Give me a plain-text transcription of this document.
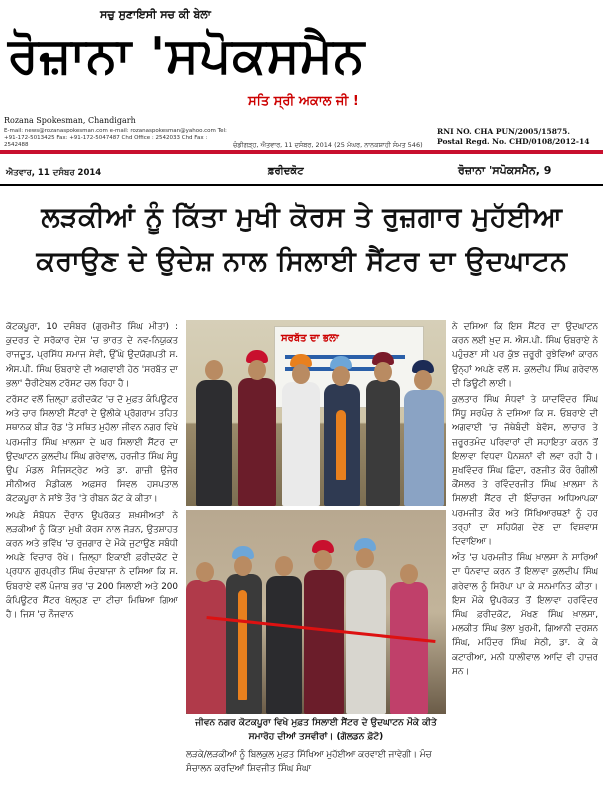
ਸਚੁ ਸੁਣਾਇਸੀ ਸਚ ਕੀ ਬੇਲਾ
ਰੋਜ਼ਾਨਾ 'ਸਪੋਕਸਮੈਨ
ਸਤਿ ਸ੍ਰੀ ਅਕਾਲ ਜੀ !
Rozana Spokesman, Chandigarh
E-mail: news@rozanaspokesman.com e-mail: rozanaspokesman@yahoo.com Tel: +91-172-5013425 Fax: +91-172-5047487 Chd Office : 2542033 Chd Fax : 2542488	ਚੰਡੀਗੜ੍ਹ, ਐਤਵਾਰ, 11 ਦਸੰਬਰ, 2014 (25 ਮੱਘਰ, ਨਾਨਕਸ਼ਾਹੀ ਸੰਮਤ 546)
RNI NO. CHA PUN/2005/15875.
Postal Regd. No. CHD/0108/2012-14
ਐਤਵਾਰ, 11 ਦਸੰਬਰ 2014	ਫ਼ਰੀਦਕੋਟ	ਰੋਜ਼ਾਨਾ 'ਸਪੋਕਸਮੈਨ, 9
ਲੜਕੀਆਂ ਨੂੰ ਕਿੱਤਾ ਮੁਖੀ ਕੋਰਸ ਤੇ ਰੁਜ਼ਗਾਰ ਮੁਹੱਈਆ
ਕਰਾਉਣ ਦੇ ਉਦੇਸ਼ ਨਾਲ ਸਿਲਾਈ ਸੈਂਟਰ ਦਾ ਉਦਘਾਟਨ

ਕੋਟਕਪੂਰਾ, 10 ਦਸੰਬਰ (ਗੁਰਮੀਤ ਸਿੰਘ ਮੀਤਾ) : ਕੁਦਰਤ ਦੇ ਸਰੋਕਾਰ ਦੇਸ਼ 'ਚ ਭਾਰਤ ਦੇ ਨਵ-ਨਿਯੁਕਤ ਰਾਜਦੂਤ, ਪ੍ਰਸਿੱਧ ਸਮਾਜ ਸੇਵੀ, ਉੱਘੇ ਉਦਯੋਗਪਤੀ ਸ. ਐਸ.ਪੀ. ਸਿੰਘ ਓਬਰਾਏ ਦੀ ਅਗਵਾਈ ਹੇਠ 'ਸਰਬੱਤ ਦਾ ਭਲਾ' ਚੈਰੀਟੇਬਲ ਟਰੱਸਟ ਚਲ ਰਿਹਾ ਹੈ।

ਟਰੱਸਟ ਵਲੋਂ ਜ਼ਿਲ੍ਹਾ ਫ਼ਰੀਦਕੋਟ 'ਚ ਦੋ ਮੁਫ਼ਤ ਕੰਪਿਊਟਰ ਅਤੇ ਚਾਰ ਸਿਲਾਈ ਸੈਂਟਰਾਂ ਦੇ ਉਲੀਕੇ ਪ੍ਰੋਗਰਾਮ ਤਹਿਤ ਸਥਾਨਕ ਬੀੜ ਰੋਡ 'ਤੇ ਸਥਿਤ ਮੁਹੱਲਾ ਜੀਵਨ ਨਗਰ ਵਿਖੇ ਪਰਮਜੀਤ ਸਿੰਘ ਖ਼ਾਲਸਾ ਦੇ ਘਰ ਸਿਲਾਈ ਸੈਂਟਰ ਦਾ ਉਦਘਾਟਨ ਕੁਲਦੀਪ ਸਿੰਘ ਗਰੇਵਾਲ, ਹਰਜੀਤ ਸਿੰਘ ਸੰਧੂ ਉਪ ਮੰਡਲ ਮੈਜਿਸਟ੍ਰੇਟ ਅਤੇ ਡਾ. ਗਾਜ਼ੀ ਉਜੇਰ ਸੀਨੀਅਰ ਮੈਡੀਕਲ ਅਫ਼ਸਰ ਸਿਵਲ ਹਸਪਤਾਲ ਕੋਟਕਪੂਰਾ ਨੇ ਸਾਂਝੇ ਤੌਰ 'ਤੇ ਰੀਬਨ ਕੱਟ ਕੇ ਕੀਤਾ।

ਅਪਣੇ ਸੰਬੋਧਨ ਦੌਰਾਨ ਉਪਰੋਕਤ ਸ਼ਖ਼ਸੀਅਤਾਂ ਨੇ ਲੜਕੀਆਂ ਨੂੰ ਕਿੱਤਾ ਮੁਖੀ ਕੋਰਸ ਨਾਲ ਜੋੜਨ, ਉਤਸ਼ਾਹਤ ਕਰਨ ਅਤੇ ਭਵਿੱਖ 'ਚ ਰੁਜ਼ਗਾਰ ਦੇ ਮੌਕੇ ਜੁਟਾਉਣ ਸਬੰਧੀ ਅਪਣੇ ਵਿਚਾਰ ਰੱਖੇ। ਜ਼ਿਲ੍ਹਾ ਇਕਾਈ ਫ਼ਰੀਦਕੋਟ ਦੇ ਪ੍ਰਧਾਨ ਗੁਰਪ੍ਰੀਤ ਸਿੰਘ ਚੰਦਬਾਜਾ ਨੇ ਦਸਿਆ ਕਿ ਸ. ਓਬਰਾਏ ਵਲੋਂ ਪੰਜਾਬ ਭਰ 'ਚ 200 ਸਿਲਾਈ ਅਤੇ 200 ਕੰਪਿਊਟਰ ਸੈਂਟਰ ਖੋਲ੍ਹਣ ਦਾ ਟੀਚਾ ਮਿਥਿਆ ਗਿਆ ਹੈ। ਜਿਸ 'ਚ ਨੌਜਵਾਨ

ਸਰਬੱਤ ਦਾ ਭਲਾ
ਜੀਵਨ ਨਗਰ ਕੋਟਕਪੂਰਾ ਵਿਖੇ ਮੁਫ਼ਤ ਸਿਲਾਈ ਸੈਂਟਰ ਦੇ ਉਦਘਾਟਨ ਮੌਕੇ ਕੀਤੇ ਸਮਾਰੋਹ ਦੀਆਂ ਤਸਵੀਰਾਂ। (ਗੋਲਡਨ ਫ਼ੋਟੋ)
ਲੜਕੇ/ਲੜਕੀਆਂ ਨੂੰ ਬਿਲਕੁਲ ਮੁਫ਼ਤ ਸਿੱਖਿਆ ਮੁਹੱਈਆ ਕਰਵਾਈ ਜਾਵੇਗੀ। ਮੰਚ ਸੰਚਾਲਨ ਕਰਦਿਆਂ ਸ਼ਿਵਜੀਤ ਸਿੰਘ ਸੰਘਾ

ਨੇ ਦਸਿਆ ਕਿ ਇਸ ਸੈਂਟਰ ਦਾ ਉਦਘਾਟਨ ਕਰਨ ਲਈ ਖ਼ੁਦ ਸ. ਐਸ.ਪੀ. ਸਿੰਘ ਓਬਰਾਏ ਨੇ ਪਹੁੰਚਣਾ ਸੀ ਪਰ ਕੁੱਝ ਜ਼ਰੂਰੀ ਰੁਝੇਵਿਆਂ ਕਾਰਨ ਉਨ੍ਹਾਂ ਅਪਣੇ ਵਲੋਂ ਸ. ਕੁਲਦੀਪ ਸਿੰਘ ਗਰੇਵਾਲ ਦੀ ਡਿਊਟੀ ਲਾਈ।

ਕੁਲਤਾਰ ਸਿੰਘ ਸੰਧਵਾਂ ਤੇ ਯਾਦਵਿੰਦਰ ਸਿੰਘ ਸਿੱਧੂ ਸਰਪੰਚ ਨੇ ਦਸਿਆ ਕਿ ਸ. ਓਬਰਾਏ ਦੀ ਅਗਵਾਈ 'ਚ ਜੱਥੇਬੰਦੀ ਬੇਵੱਸ, ਲਾਚਾਰ ਤੇ ਜ਼ਰੂਰਤਮੰਦ ਪਰਿਵਾਰਾਂ ਦੀ ਸਹਾਇਤਾ ਕਰਨ ਤੋਂ ਇਲਾਵਾ ਵਿਧਵਾ ਪੈਨਸ਼ਨਾਂ ਵੀ ਲਵਾ ਰਹੀ ਹੈ। ਸੁਖਵਿੰਦਰ ਸਿੰਘ ਛਿੰਦਾ, ਰਣਜੀਤ ਕੌਰ ਰੰਗੀਲੀ ਕੌਂਸਲਰ ਤੇ ਰਵਿੰਦਰਜੀਤ ਸਿੰਘ ਖ਼ਾਲਸਾ ਨੇ ਸਿਲਾਈ ਸੈਂਟਰ ਦੀ ਇੰਚਾਰਜ ਅਧਿਆਪਕਾ ਪਰਮਜੀਤ ਕੌਰ ਅਤੇ ਸਿੱਖਿਆਰਥਣਾਂ ਨੂੰ ਹਰ ਤਰ੍ਹਾਂ ਦਾ ਸਹਿਯੋਗ ਦੇਣ ਦਾ ਵਿਸ਼ਵਾਸ ਦਿਵਾਇਆ।

ਅੰਤ 'ਚ ਪਰਮਜੀਤ ਸਿੰਘ ਖ਼ਾਲਸਾ ਨੇ ਸਾਰਿਆਂ ਦਾ ਧੰਨਵਾਦ ਕਰਨ ਤੋਂ ਇਲਾਵਾ ਕੁਲਦੀਪ ਸਿੰਘ ਗਰੇਵਾਲ ਨੂੰ ਸਿਰੋਪਾ ਪਾ ਕੇ ਸਨਮਾਨਿਤ ਕੀਤਾ। ਇਸ ਮੌਕੇ ਉਪਰੋਕਤ ਤੋਂ ਇਲਾਵਾ ਹਰਵਿੰਦਰ ਸਿੰਘ ਫ਼ਰੀਦਕੋਟ, ਮੱਖਣ ਸਿੰਘ ਖ਼ਾਲਸਾ, ਮਲਕੀਤ ਸਿੰਘ ਭੋਲਾ ਖੁਰਮੀ, ਗਿਆਨੀ ਦਰਸ਼ਨ ਸਿੰਘ, ਮਹਿੰਦਰ ਸਿੰਘ ਸੇਠੀ, ਡਾ. ਕੇ ਕੇ ਕਟਾਰੀਆ, ਮਨੀ ਧਾਲੀਵਾਲ ਆਦਿ ਵੀ ਹਾਜ਼ਰ ਸਨ।
